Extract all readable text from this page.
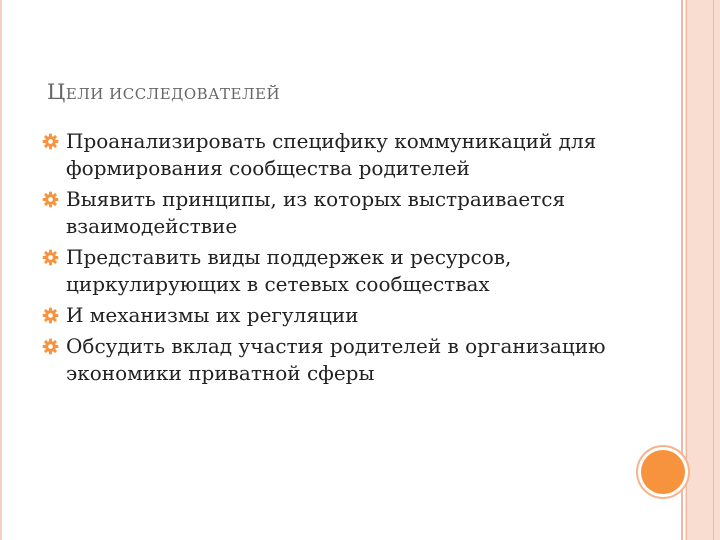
ЦЕЛИ ИССЛЕДОВАТЕЛЕЙ
Проанализировать специфику коммуникаций для формирования сообщества родителей
Выявить принципы, из которых выстраивается взаимодействие
Представить виды поддержек и ресурсов, циркулирующих в сетевых сообществах
И механизмы их регуляции
Обсудить вклад участия родителей в организацию экономики приватной сферы
